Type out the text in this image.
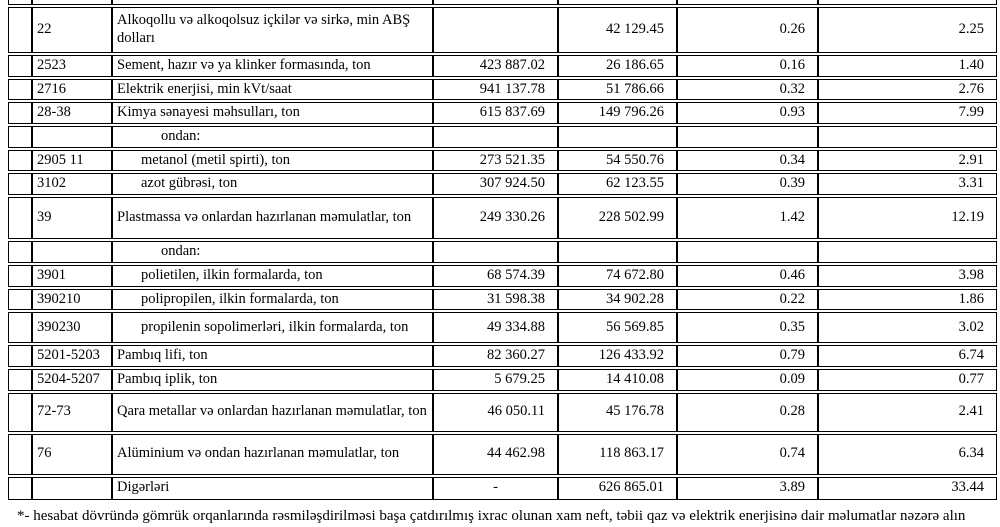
	22	Alkoqollu və alkoqolsuz içkilər və sirkə, min ABŞ dolları		42 129.45	0.26	2.25
	2523	Sement, hazır və ya klinker formasında, ton	423 887.02	26 186.65	0.16	1.40
	2716	Elektrik enerjisi, min kVt/saat	941 137.78	51 786.66	0.32	2.76
	28-38	Kimya sənayesi məhsulları, ton	615 837.69	149 796.26	0.93	7.99
		ondan:				
	2905 11	metanol (metil spirti), ton	273 521.35	54 550.76	0.34	2.91
	3102	azot gübrəsi, ton	307 924.50	62 123.55	0.39	3.31
	39	Plastmassa və onlardan hazırlanan məmulatlar, ton	249 330.26	228 502.99	1.42	12.19
		ondan:				
	3901	polietilen, ilkin formalarda, ton	68 574.39	74 672.80	0.46	3.98
	390210	polipropilen, ilkin formalarda, ton	31 598.38	34 902.28	0.22	1.86
	390230	propilenin sopolimerləri, ilkin formalarda, ton	49 334.88	56 569.85	0.35	3.02
	5201-5203	Pambıq lifi, ton	82 360.27	126 433.92	0.79	6.74
	5204-5207	Pambıq iplik, ton	5 679.25	14 410.08	0.09	0.77
	72-73	Qara metallar və onlardan hazırlanan məmulatlar, ton	46 050.11	45 176.78	0.28	2.41
	76	Alüminium və ondan hazırlanan məmulatlar, ton	44 462.98	118 863.17	0.74	6.34
		Digərləri	-	626 865.01	3.89	33.44
*- hesabat dövründə gömrük orqanlarında rəsmiləşdirilməsi başa çatdırılmış ixrac olunan xam neft, təbii qaz və elektrik enerjisinə dair məlumatlar nəzərə alın
